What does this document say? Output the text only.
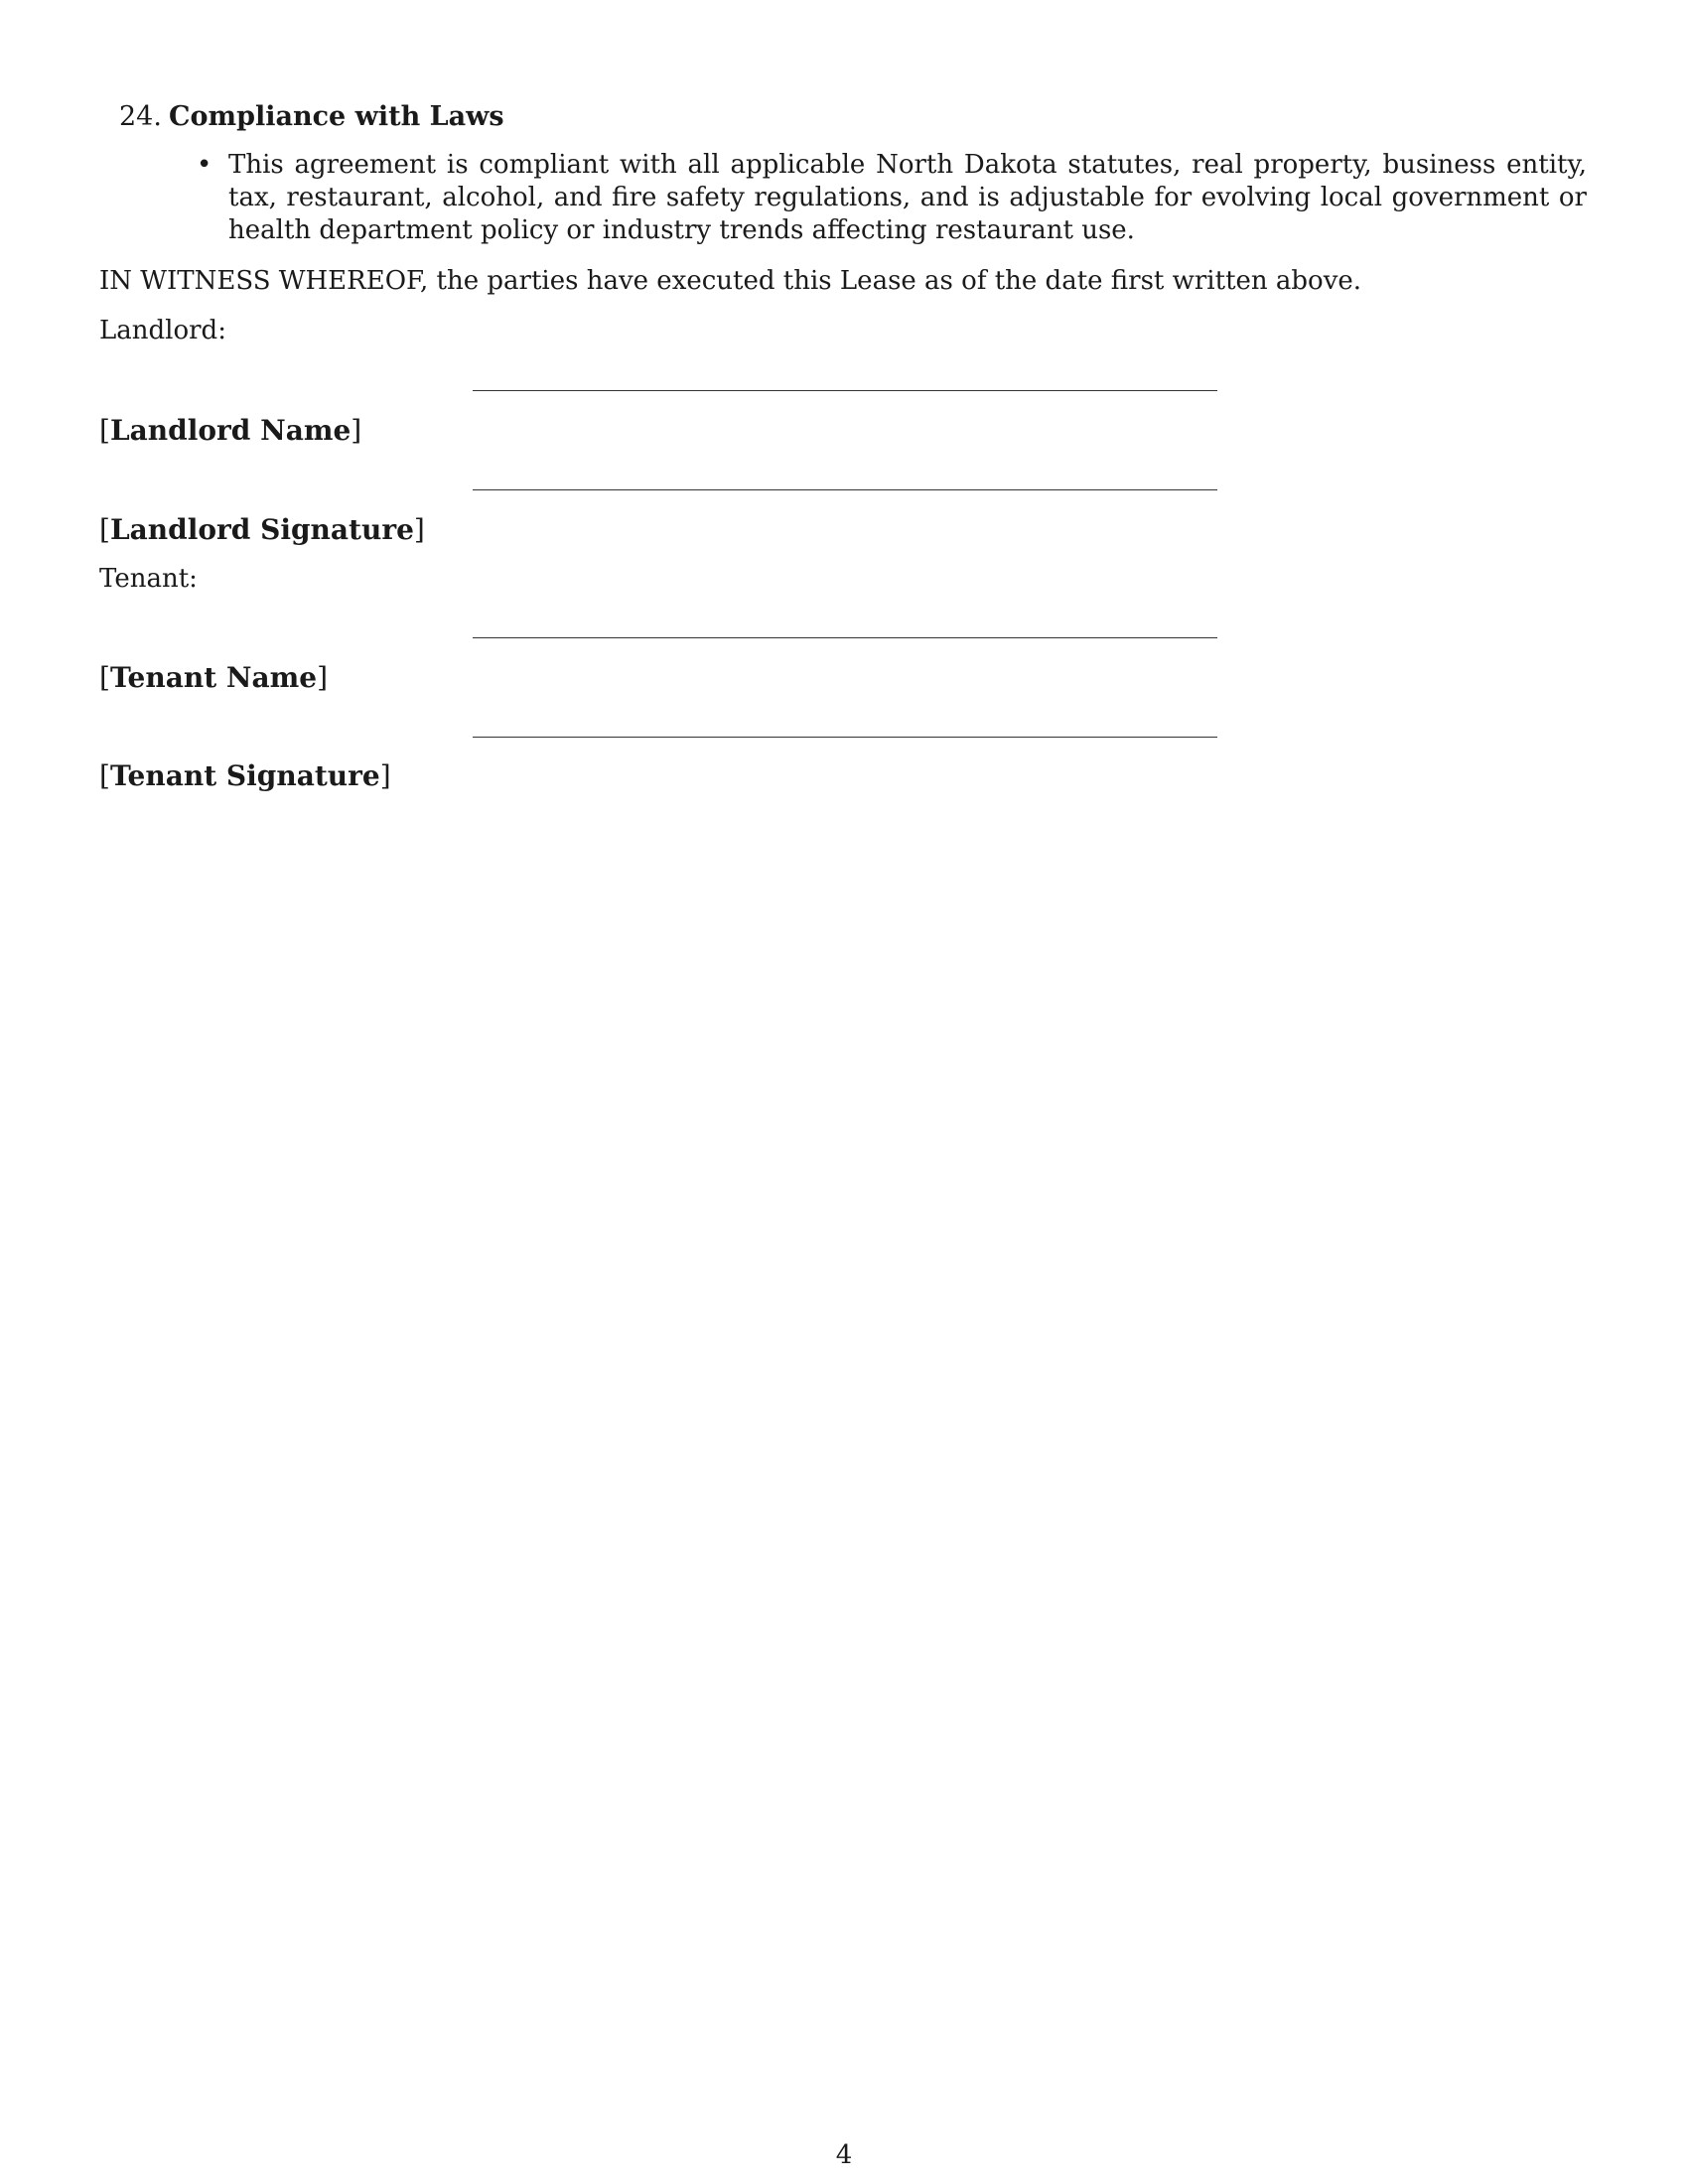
24. Compliance with Laws
• This agreement is compliant with all applicable North Dakota statutes, real property, business entity, tax, restaurant, alcohol, and fire safety regulations, and is adjustable for evolving local government or health department policy or industry trends affecting restaurant use.
IN WITNESS WHEREOF, the parties have executed this Lease as of the date first written above.
Landlord:
[Landlord Name]
[Landlord Signature]
Tenant:
[Tenant Name]
[Tenant Signature]
4
